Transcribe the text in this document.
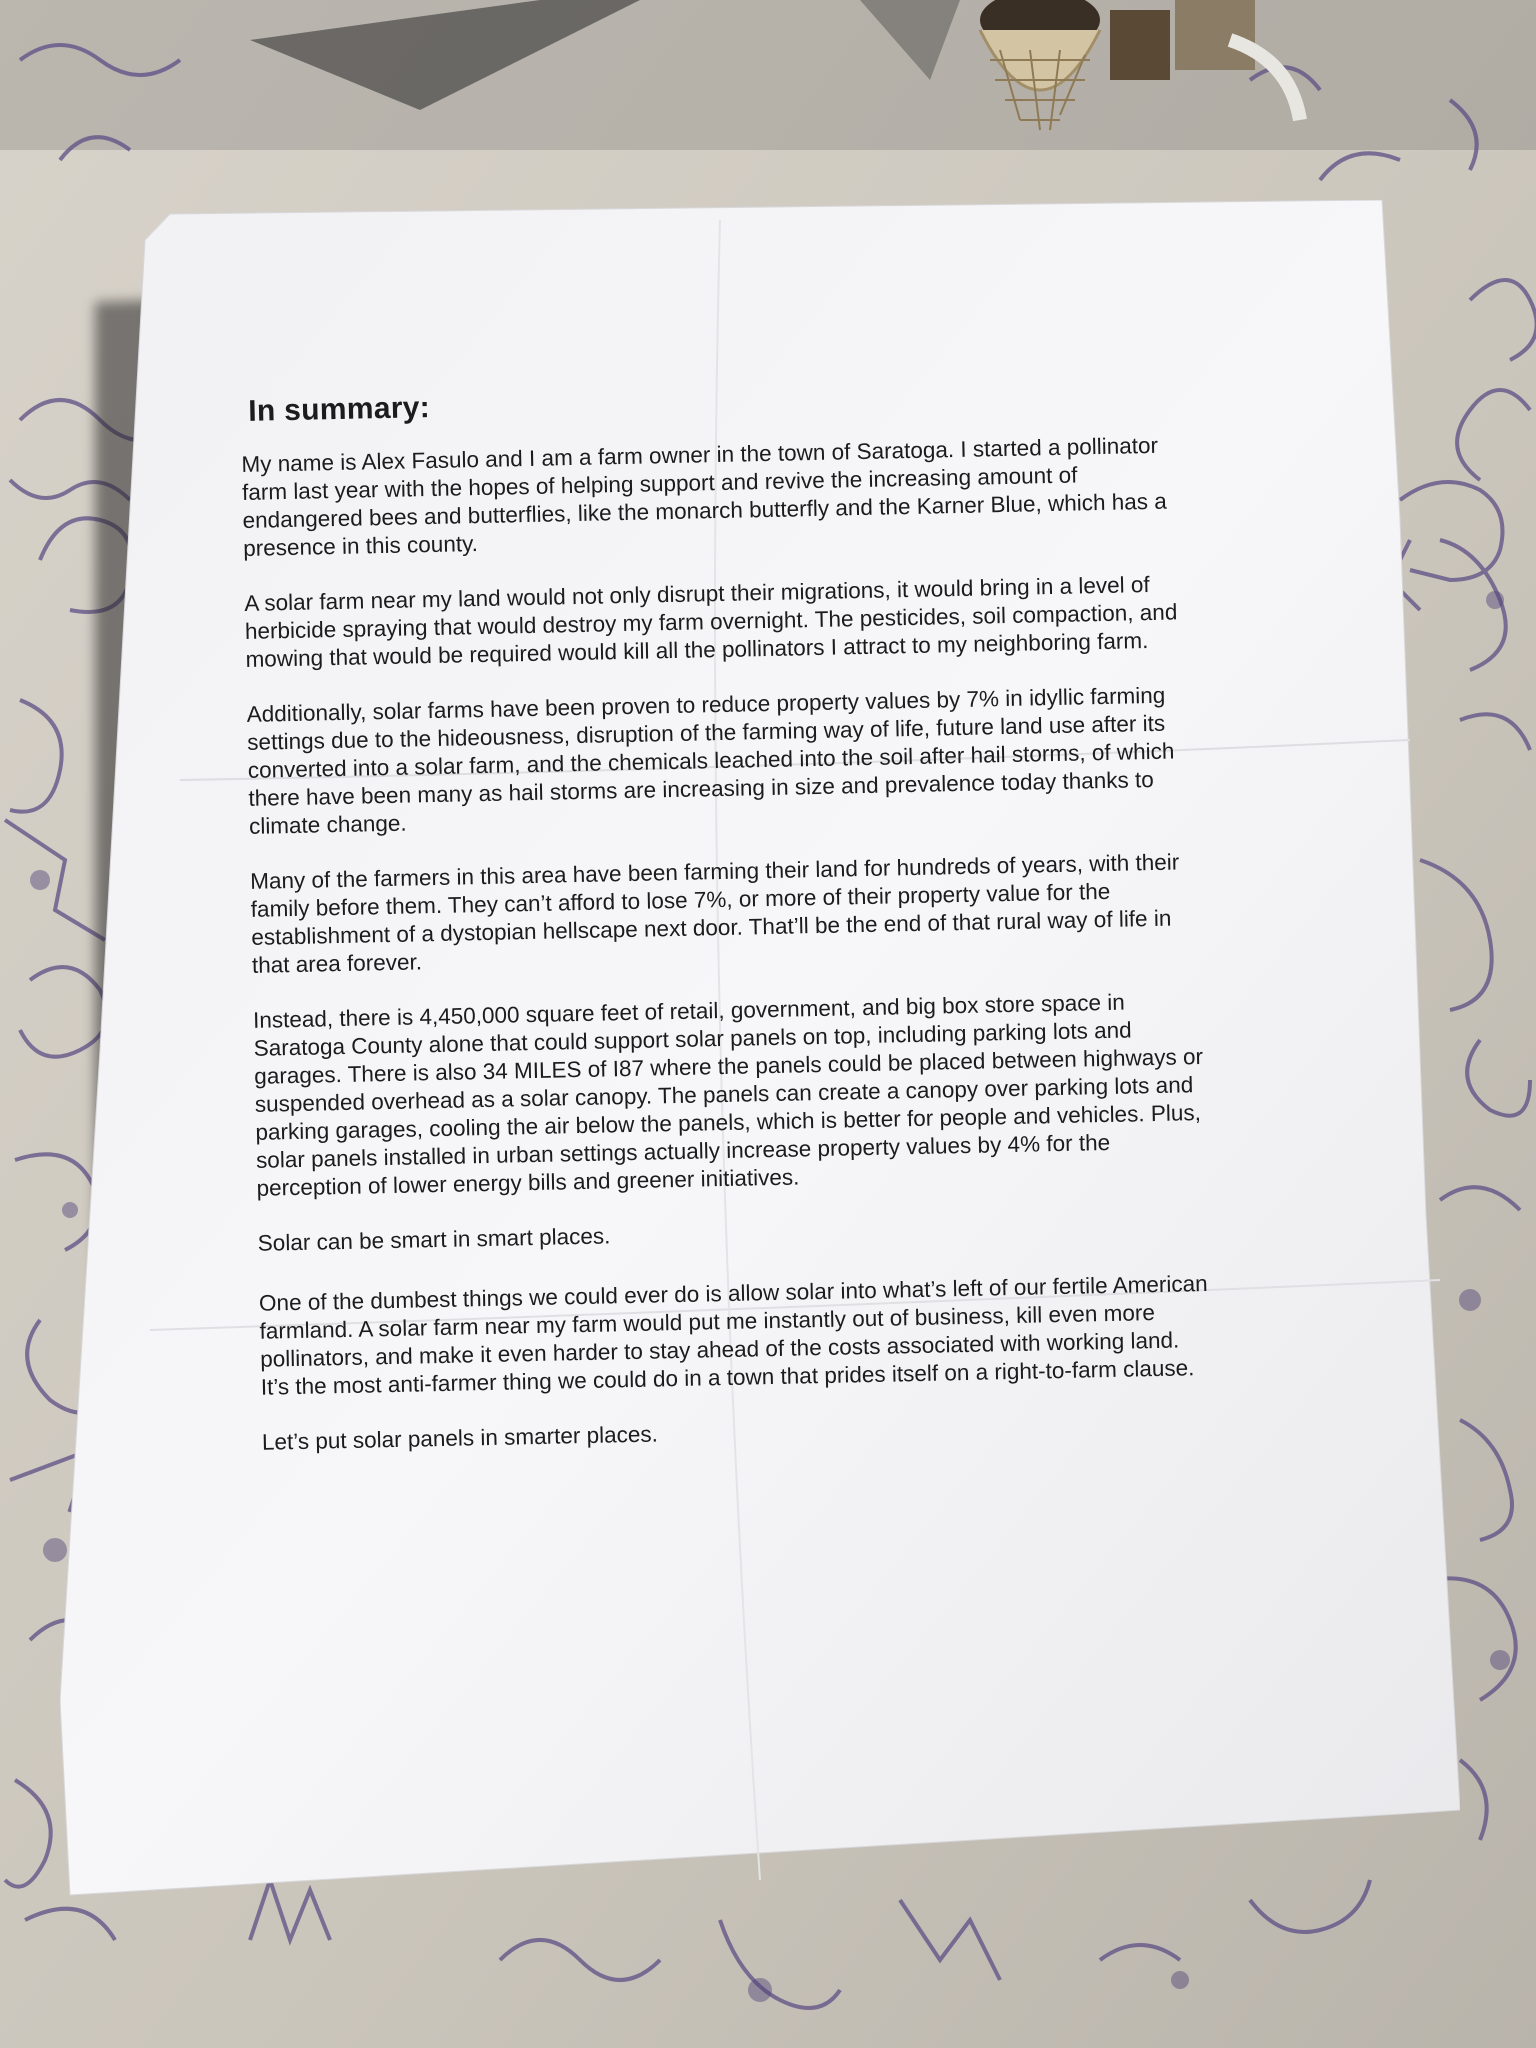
In summary:

My name is Alex Fasulo and I am a farm owner in the town of Saratoga. I started a pollinator farm last year with the hopes of helping support and revive the increasing amount of endangered bees and butterflies, like the monarch butterfly and the Karner Blue, which has a presence in this county.

A solar farm near my land would not only disrupt their migrations, it would bring in a level of herbicide spraying that would destroy my farm overnight. The pesticides, soil compaction, and mowing that would be required would kill all the pollinators I attract to my neighboring farm.

Additionally, solar farms have been proven to reduce property values by 7% in idyllic farming settings due to the hideousness, disruption of the farming way of life, future land use after its converted into a solar farm, and the chemicals leached into the soil after hail storms, of which there have been many as hail storms are increasing in size and prevalence today thanks to climate change.

Many of the farmers in this area have been farming their land for hundreds of years, with their family before them. They can’t afford to lose 7%, or more of their property value for the establishment of a dystopian hellscape next door. That’ll be the end of that rural way of life in that area forever.

Instead, there is 4,450,000 square feet of retail, government, and big box store space in Saratoga County alone that could support solar panels on top, including parking lots and garages. There is also 34 MILES of I87 where the panels could be placed between highways or suspended overhead as a solar canopy. The panels can create a canopy over parking lots and parking garages, cooling the air below the panels, which is better for people and vehicles. Plus, solar panels installed in urban settings actually increase property values by 4% for the perception of lower energy bills and greener initiatives.

Solar can be smart in smart places.

One of the dumbest things we could ever do is allow solar into what’s left of our fertile American farmland. A solar farm near my farm would put me instantly out of business, kill even more pollinators, and make it even harder to stay ahead of the costs associated with working land. It’s the most anti-farmer thing we could do in a town that prides itself on a right-to-farm clause.

Let’s put solar panels in smarter places.
